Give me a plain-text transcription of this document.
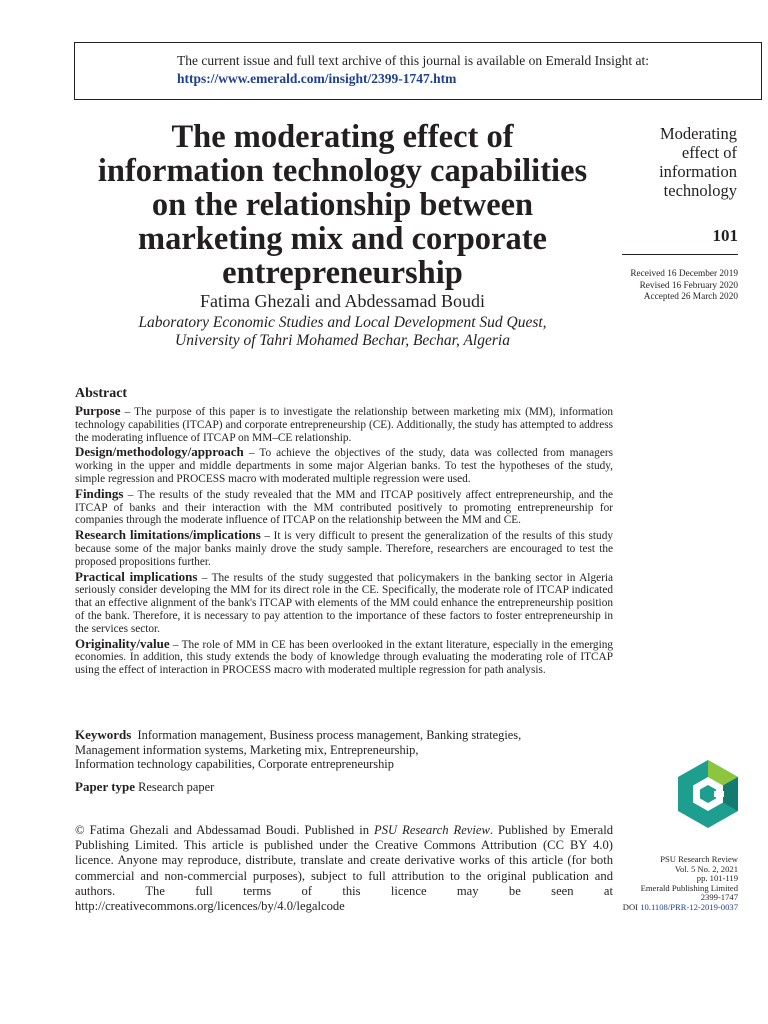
The current issue and full text archive of this journal is available on Emerald Insight at:
https://www.emerald.com/insight/2399-1747.htm
The moderating effect of information technology capabilities on the relationship between marketing mix and corporate entrepreneurship
Fatima Ghezali and Abdessamad Boudi
Laboratory Economic Studies and Local Development Sud Quest,
University of Tahri Mohamed Bechar, Bechar, Algeria
Moderating
effect of
information
technology
101
Received 16 December 2019
Revised 16 February 2020
Accepted 26 March 2020
Abstract

Purpose – The purpose of this paper is to investigate the relationship between marketing mix (MM), information technology capabilities (ITCAP) and corporate entrepreneurship (CE). Additionally, the study has attempted to address the moderating influence of ITCAP on MM–CE relationship.

Design/methodology/approach – To achieve the objectives of the study, data was collected from managers working in the upper and middle departments in some major Algerian banks. To test the hypotheses of the study, simple regression and PROCESS macro with moderated multiple regression were used.

Findings – The results of the study revealed that the MM and ITCAP positively affect entrepreneurship, and the ITCAP of banks and their interaction with the MM contributed positively to promoting entrepreneurship for companies through the moderate influence of ITCAP on the relationship between the MM and CE.

Research limitations/implications – It is very difficult to present the generalization of the results of this study because some of the major banks mainly drove the study sample. Therefore, researchers are encouraged to test the proposed propositions further.

Practical implications – The results of the study suggested that policymakers in the banking sector in Algeria seriously consider developing the MM for its direct role in the CE. Specifically, the moderate role of ITCAP indicated that an effective alignment of the bank's ITCAP with elements of the MM could enhance the entrepreneurship position of the bank. Therefore, it is necessary to pay attention to the importance of these factors to foster entrepreneurship in the services sector.

Originality/value – The role of MM in CE has been overlooked in the extant literature, especially in the emerging economies. In addition, this study extends the body of knowledge through evaluating the moderating role of ITCAP using the effect of interaction in PROCESS macro with moderated multiple regression for path analysis.

Keywords Information management, Business process management, Banking strategies,
Management information systems, Marketing mix, Entrepreneurship,
Information technology capabilities, Corporate entrepreneurship
Paper type Research paper
© Fatima Ghezali and Abdessamad Boudi. Published in PSU Research Review. Published by Emerald Publishing Limited. This article is published under the Creative Commons Attribution (CC BY 4.0) licence. Anyone may reproduce, distribute, translate and create derivative works of this article (for both commercial and non-commercial purposes), subject to full attribution to the original publication and authors. The full terms of this licence may be seen at http://creativecommons.org/licences/by/4.0/legalcode
PSU Research Review
Vol. 5 No. 2, 2021
pp. 101-119
Emerald Publishing Limited
2399-1747
DOI 10.1108/PRR-12-2019-0037
